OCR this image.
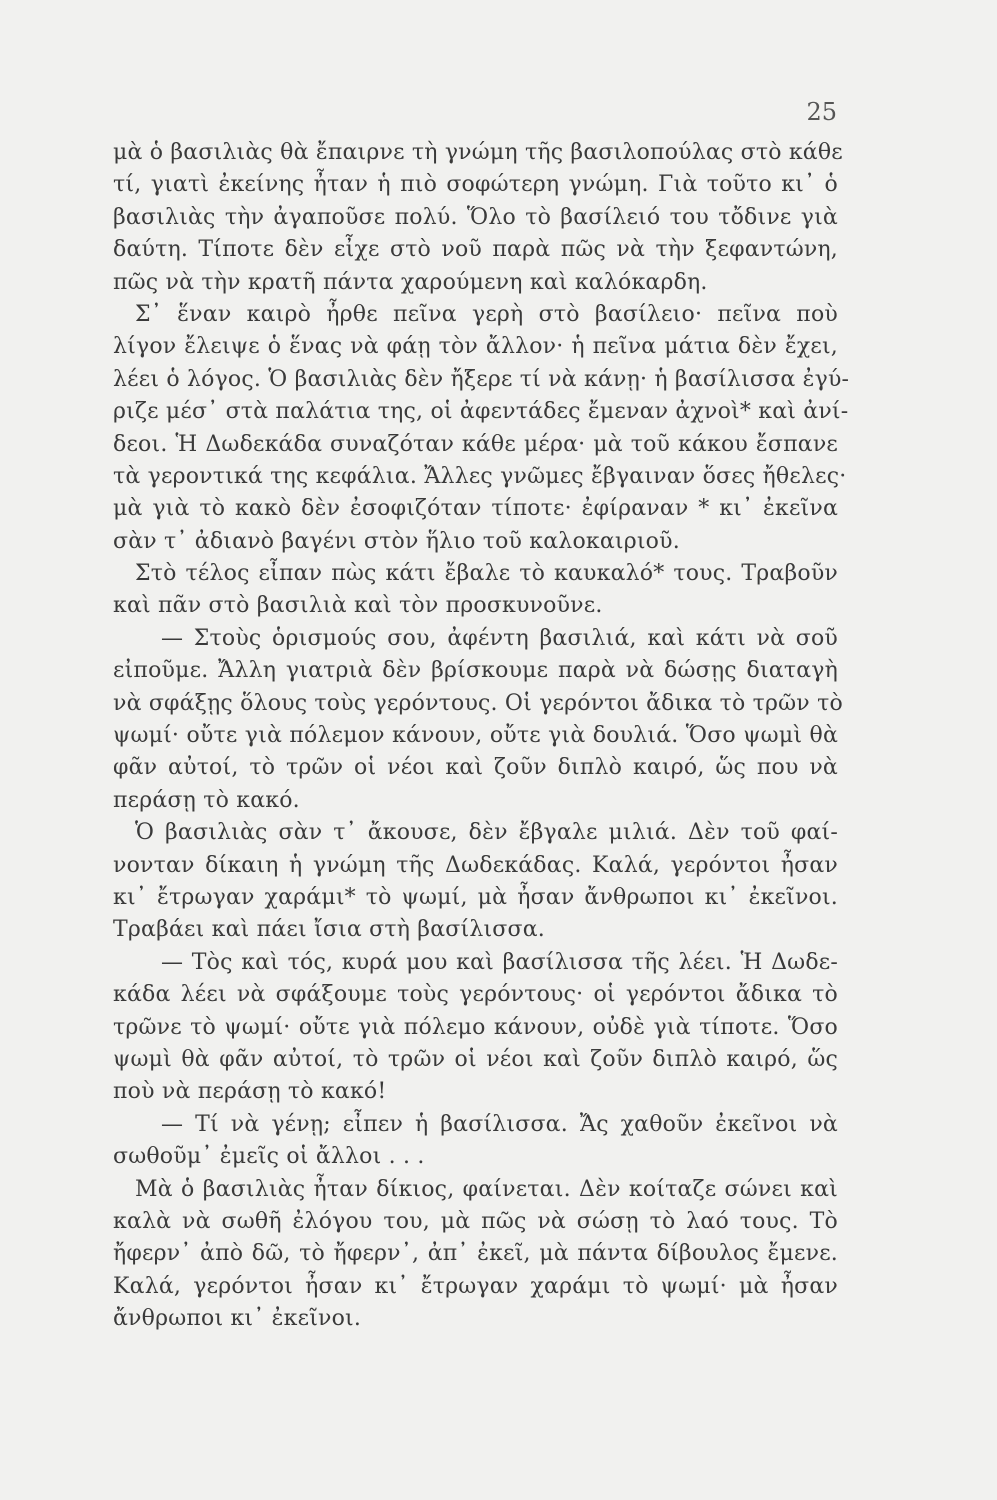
25
μὰ ὁ βασιλιὰς θὰ ἔπαιρνε τὴ γνώμη τῆς βασιλοπούλας στὸ κάθε
τί, γιατὶ ἐκείνης ἦταν ἡ πιὸ σοφώτερη γνώμη. Γιὰ τοῦτο κι᾿ ὁ
βασιλιὰς τὴν ἀγαποῦσε πολύ. Ὅλο τὸ βασίλειό του τὄδινε γιὰ
δαύτη. Τίποτε δὲν εἶχε στὸ νοῦ παρὰ πῶς νὰ τὴν ξεφαντώνη,
πῶς νὰ τὴν κρατῆ πάντα χαρούμενη καὶ καλόκαρδη.
Σ᾿ ἕναν καιρὸ ἦρθε πεῖνα γερὴ στὸ βασίλειο· πεῖνα ποὺ
λίγον ἔλειψε ὁ ἕνας νὰ φάῃ τὸν ἄλλον· ἡ πεῖνα μάτια δὲν ἔχει,
λέει ὁ λόγος. Ὁ βασιλιὰς δὲν ἤξερε τί νὰ κάνῃ· ἡ βασίλισσα ἐγύ-
ριζε μέσ᾿ στὰ παλάτια της, οἱ ἀφεντάδες ἔμεναν ἀχνοὶ* καὶ ἀνί-
δεοι. Ἡ Δωδεκάδα συναζόταν κάθε μέρα· μὰ τοῦ κάκου ἔσπανε
τὰ γεροντικά της κεφάλια. Ἄλλες γνῶμες ἔβγαιναν ὅσες ἤθελες·
μὰ γιὰ τὸ κακὸ δὲν ἐσοφιζόταν τίποτε· ἐφίραναν * κι᾿ ἐκεῖνα
σὰν τ᾿ ἀδιανὸ βαγένι στὸν ἥλιο τοῦ καλοκαιριοῦ.
Στὸ τέλος εἶπαν πὼς κάτι ἔβαλε τὸ καυκαλό* τους. Τραβοῦν
καὶ πᾶν στὸ βασιλιὰ καὶ τὸν προσκυνοῦνε.
— Στοὺς ὁρισμούς σου, ἀφέντη βασιλιά, καὶ κάτι νὰ σοῦ
εἰποῦμε. Ἄλλη γιατριὰ δὲν βρίσκουμε παρὰ νὰ δώσῃς διαταγὴ
νὰ σφάξῃς ὅλους τοὺς γερόντους. Οἱ γερόντοι ἄδικα τὸ τρῶν τὸ
ψωμί· οὔτε γιὰ πόλεμον κάνουν, οὔτε γιὰ δουλιά. Ὅσο ψωμὶ θὰ
φᾶν αὐτοί, τὸ τρῶν οἱ νέοι καὶ ζοῦν διπλὸ καιρό, ὥς που νὰ
περάσῃ τὸ κακό.
Ὁ βασιλιὰς σὰν τ᾿ ἄκουσε, δὲν ἔβγαλε μιλιά. Δὲν τοῦ φαί-
νονταν δίκαιη ἡ γνώμη τῆς Δωδεκάδας. Καλά, γερόντοι ἦσαν
κι᾿ ἔτρωγαν χαράμι* τὸ ψωμί, μὰ ἦσαν ἄνθρωποι κι᾿ ἐκεῖνοι.
Τραβάει καὶ πάει ἴσια στὴ βασίλισσα.
— Τὸς καὶ τός, κυρά μου καὶ βασίλισσα τῆς λέει. Ἡ Δωδε-
κάδα λέει νὰ σφάξουμε τοὺς γερόντους· οἱ γερόντοι ἄδικα τὸ
τρῶνε τὸ ψωμί· οὔτε γιὰ πόλεμο κάνουν, οὐδὲ γιὰ τίποτε. Ὅσο
ψωμὶ θὰ φᾶν αὐτοί, τὸ τρῶν οἱ νέοι καὶ ζοῦν διπλὸ καιρό, ὥς
ποὺ νὰ περάσῃ τὸ κακό!
— Τί νὰ γένῃ; εἶπεν ἡ βασίλισσα. Ἄς χαθοῦν ἐκεῖνοι νὰ
σωθοῦμ᾿ ἐμεῖς οἱ ἄλλοι . . .
Μὰ ὁ βασιλιὰς ἦταν δίκιος, φαίνεται. Δὲν κοίταζε σώνει καὶ
καλὰ νὰ σωθῆ ἐλόγου του, μὰ πῶς νὰ σώσῃ τὸ λαό τους. Τὸ
ἤφερν᾿ ἀπὸ δῶ, τὸ ἤφερν᾿, ἀπ᾿ ἐκεῖ, μὰ πάντα δίβουλος ἔμενε.
Καλά, γερόντοι ἦσαν κι᾿ ἔτρωγαν χαράμι τὸ ψωμί· μὰ ἦσαν
ἄνθρωποι κι᾿ ἐκεῖνοι.
